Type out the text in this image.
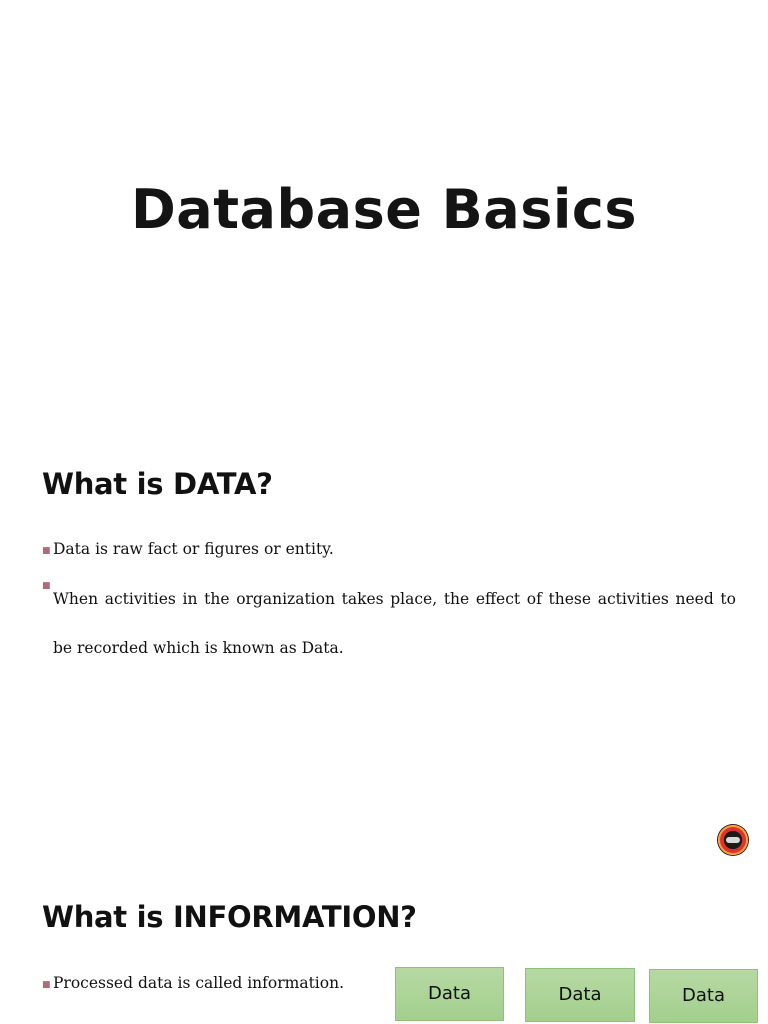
Database Basics
What is DATA?
■ Data is raw fact or figures or entity.
■
When activities in the organization takes place, the effect of these activities need to be recorded which is known as Data.
What is INFORMATION?
■ Processed data is called information.	Data	Data	Data
